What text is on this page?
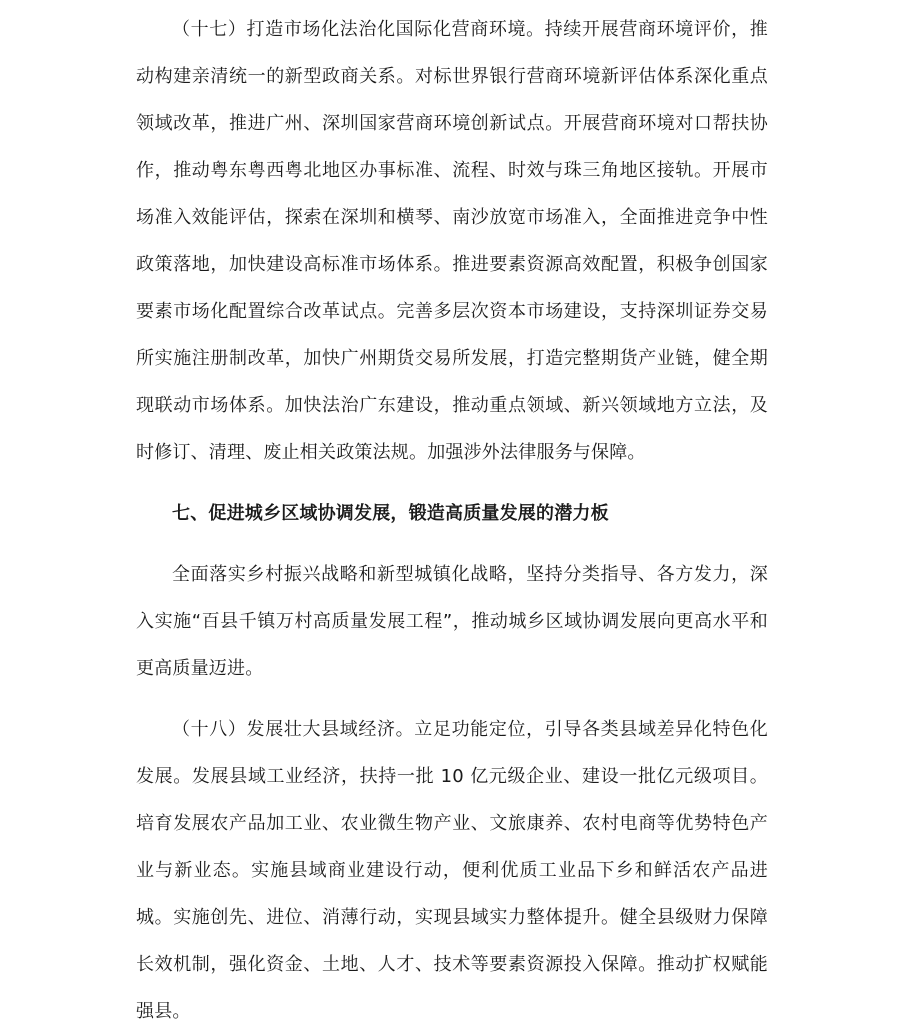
（十七）打造市场化法治化国际化营商环境。持续开展营商环境评价，推动构建亲清统一的新型政商关系。对标世界银行营商环境新评估体系深化重点领域改革，推进广州、深圳国家营商环境创新试点。开展营商环境对口帮扶协作，推动粤东粤西粤北地区办事标准、流程、时效与珠三角地区接轨。开展市场准入效能评估，探索在深圳和横琴、南沙放宽市场准入，全面推进竞争中性政策落地，加快建设高标准市场体系。推进要素资源高效配置，积极争创国家要素市场化配置综合改革试点。完善多层次资本市场建设，支持深圳证券交易所实施注册制改革，加快广州期货交易所发展，打造完整期货产业链，健全期现联动市场体系。加快法治广东建设，推动重点领域、新兴领域地方立法，及时修订、清理、废止相关政策法规。加强涉外法律服务与保障。

七、促进城乡区域协调发展，锻造高质量发展的潜力板

全面落实乡村振兴战略和新型城镇化战略，坚持分类指导、各方发力，深入实施“百县千镇万村高质量发展工程”，推动城乡区域协调发展向更高水平和更高质量迈进。

（十八）发展壮大县域经济。立足功能定位，引导各类县域差异化特色化发展。发展县域工业经济，扶持一批 10 亿元级企业、建设一批亿元级项目。培育发展农产品加工业、农业微生物产业、文旅康养、农村电商等优势特色产业与新业态。实施县域商业建设行动，便利优质工业品下乡和鲜活农产品进城。实施创先、进位、消薄行动，实现县域实力整体提升。健全县级财力保障长效机制，强化资金、土地、人才、技术等要素资源投入保障。推动扩权赋能强县。
